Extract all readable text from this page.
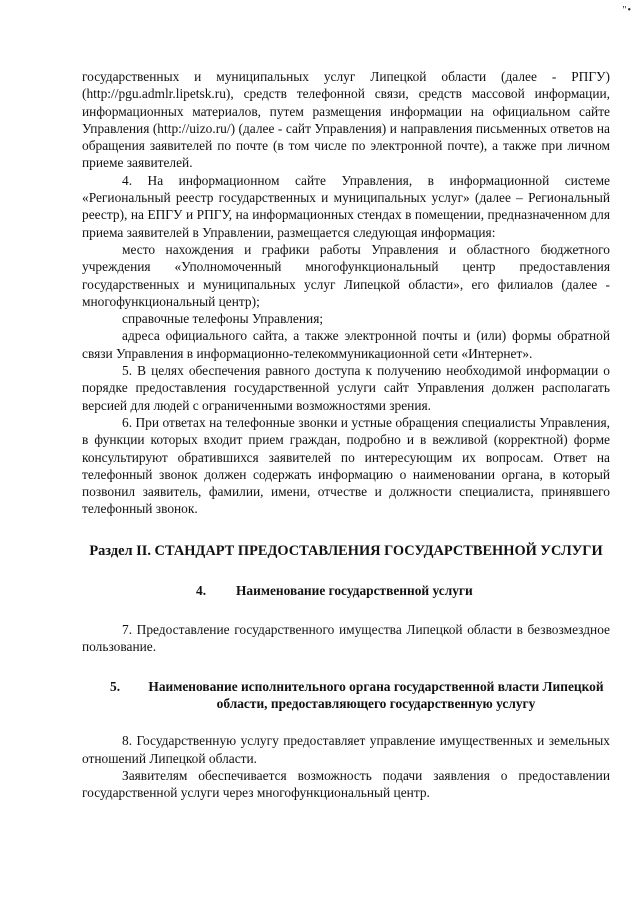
"•

государственных и муниципальных услуг Липецкой области (далее - РПГУ) (http://pgu.admlr.lipetsk.ru), средств телефонной связи, средств массовой информации, информационных материалов, путем размещения информации на официальном сайте Управления (http://uizo.ru/) (далее - сайт Управления) и направления письменных ответов на обращения заявителей по почте (в том числе по электронной почте), а также при личном приеме заявителей.

4. На информационном сайте Управления, в информационной системе «Региональный реестр государственных и муниципальных услуг» (далее – Региональный реестр), на ЕПГУ и РПГУ, на информационных стендах в помещении, предназначенном для приема заявителей в Управлении, размещается следующая информация:

место нахождения и графики работы Управления и областного бюджетного учреждения «Уполномоченный многофункциональный центр предоставления государственных и муниципальных услуг Липецкой области», его филиалов (далее - многофункциональный центр);

справочные телефоны Управления;

адреса официального сайта, а также электронной почты и (или) формы обратной связи Управления в информационно-телекоммуникационной сети «Интернет».

5. В целях обеспечения равного доступа к получению необходимой информации о порядке предоставления государственной услуги сайт Управления должен располагать версией для людей с ограниченными возможностями зрения.

6. При ответах на телефонные звонки и устные обращения специалисты Управления, в функции которых входит прием граждан, подробно и в вежливой (корректной) форме консультируют обратившихся заявителей по интересующим их вопросам. Ответ на телефонный звонок должен содержать информацию о наименовании органа, в который позвонил заявитель, фамилии, имени, отчестве и должности специалиста, принявшего телефонный звонок.

Раздел II. СТАНДАРТ ПРЕДОСТАВЛЕНИЯ ГОСУДАРСТВЕННОЙ УСЛУГИ
4.	Наименование государственной услуги

7. Предоставление государственного имущества Липецкой области в безвозмездное пользование.

5.	Наименование исполнительного органа государственной власти Липецкой области, предоставляющего государственную услугу

8. Государственную услугу предоставляет управление имущественных и земельных отношений Липецкой области.

Заявителям обеспечивается возможность подачи заявления о предоставлении государственной услуги через многофункциональный центр.
